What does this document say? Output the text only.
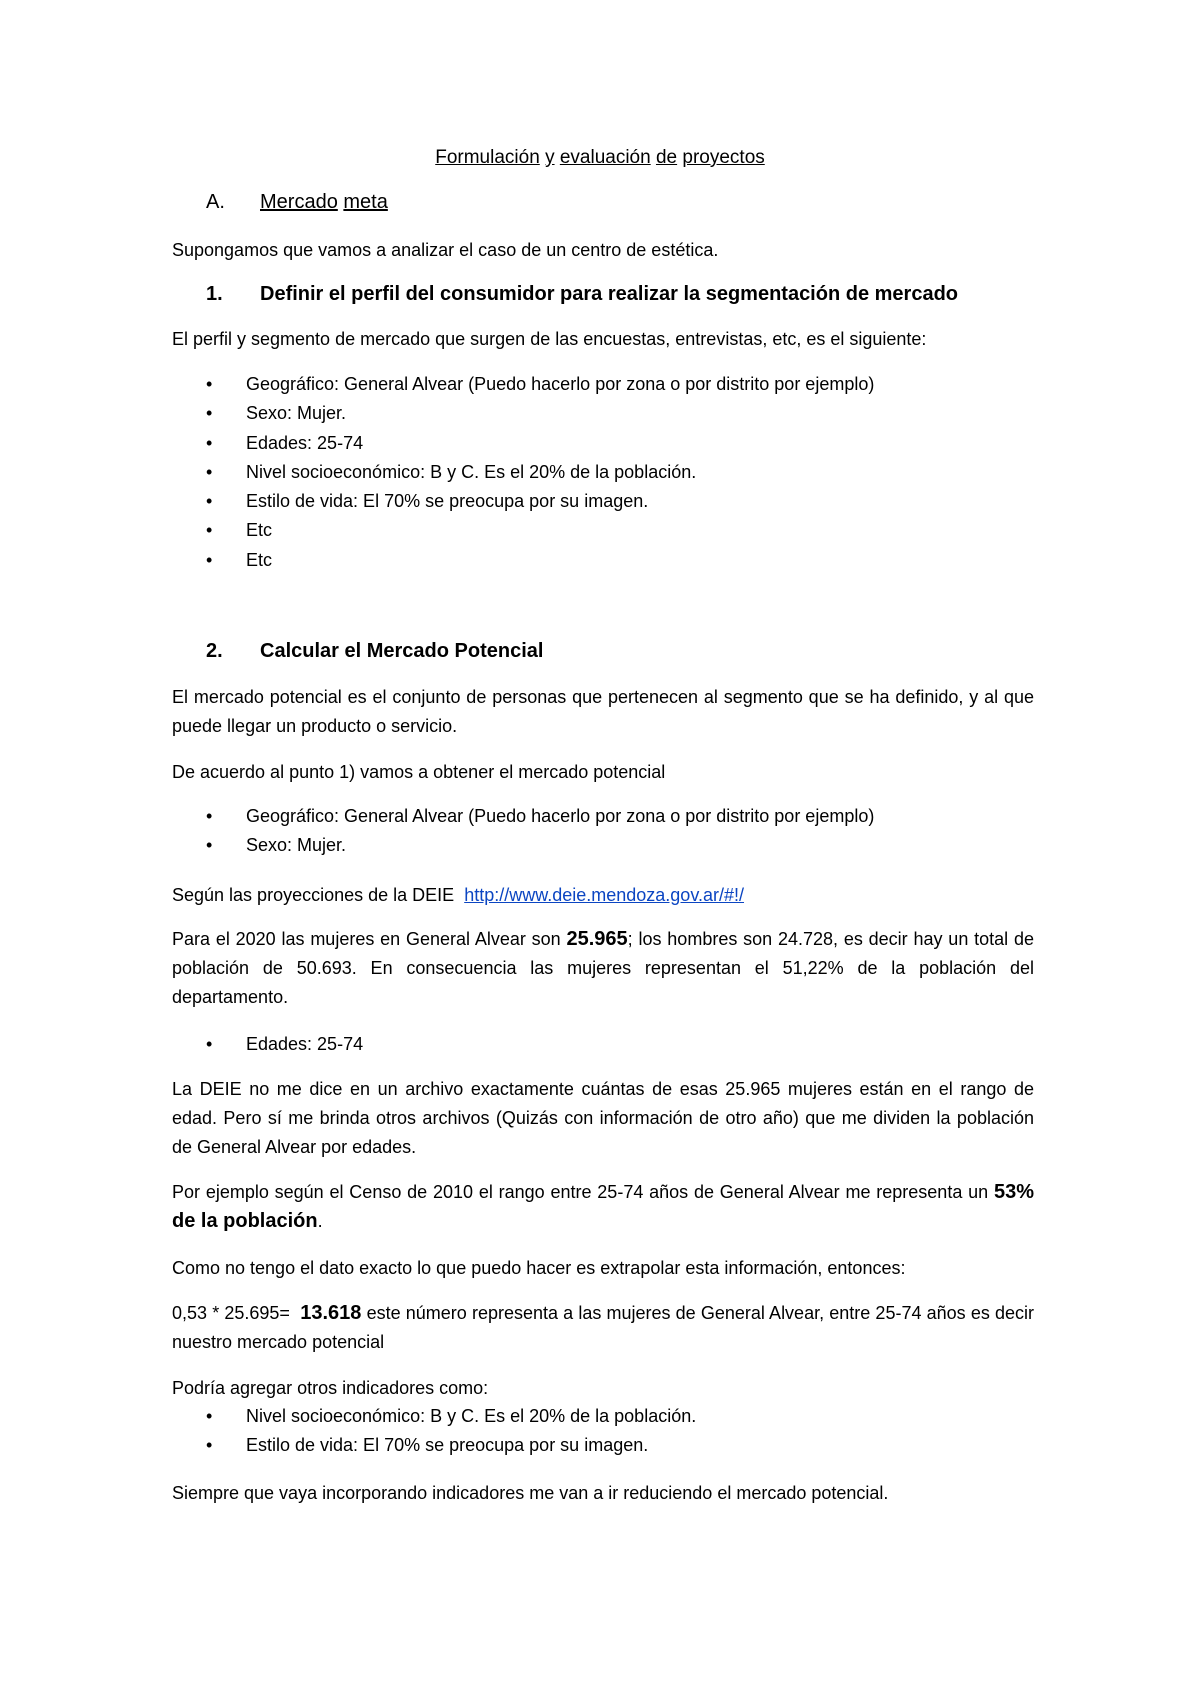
Formulación y evaluación de proyectos

A. Mercado meta

Supongamos que vamos a analizar el caso de un centro de estética.

1. Definir el perfil del consumidor para realizar la segmentación de mercado

El perfil y segmento de mercado que surgen de las encuestas, entrevistas, etc, es el siguiente:

• Geográfico: General Alvear (Puedo hacerlo por zona o por distrito por ejemplo)
• Sexo: Mujer.
• Edades: 25-74
• Nivel socioeconómico: B y C. Es el 20% de la población.
• Estilo de vida: El 70% se preocupa por su imagen.
• Etc
• Etc

2. Calcular el Mercado Potencial

El mercado potencial es el conjunto de personas que pertenecen al segmento que se ha definido, y al que puede llegar un producto o servicio.

De acuerdo al punto 1) vamos a obtener el mercado potencial

• Geográfico: General Alvear (Puedo hacerlo por zona o por distrito por ejemplo)
• Sexo: Mujer.

Según las proyecciones de la DEIE http://www.deie.mendoza.gov.ar/#!/

Para el 2020 las mujeres en General Alvear son 25.965; los hombres son 24.728, es decir hay un total de población de 50.693. En consecuencia las mujeres representan el 51,22% de la población del departamento.

• Edades: 25-74

La DEIE no me dice en un archivo exactamente cuántas de esas 25.965 mujeres están en el rango de edad. Pero sí me brinda otros archivos (Quizás con información de otro año) que me dividen la población de General Alvear por edades.

Por ejemplo según el Censo de 2010 el rango entre 25-74 años de General Alvear me representa un 53% de la población.

Como no tengo el dato exacto lo que puedo hacer es extrapolar esta información, entonces:

0,53 * 25.695=  13.618 este número representa a las mujeres de General Alvear, entre 25-74 años es decir nuestro mercado potencial

Podría agregar otros indicadores como:

• Nivel socioeconómico: B y C. Es el 20% de la población.
• Estilo de vida: El 70% se preocupa por su imagen.

Siempre que vaya incorporando indicadores me van a ir reduciendo el mercado potencial.
